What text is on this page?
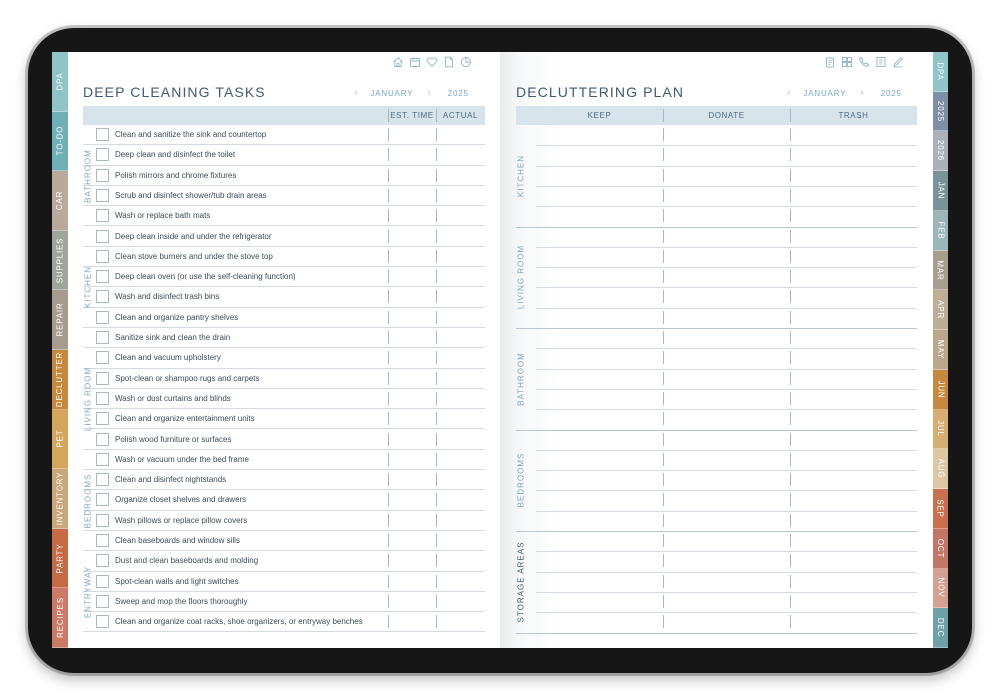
DPA
TO-DO
CAR
SUPPLIES
REPAIR
DECLUTTER
PET
INVENTORY
PARTY
RECIPES
DEEP CLEANING TASKS	‹ JANUARY › 2025
EST. TIME	ACTUAL
Clean and sanitize the sink and countertop
Deep clean and disinfect the toilet
Polish mirrors and chrome fixtures
Scrub and disinfect shower/tub drain areas
Wash or replace bath mats
BATHROOM
Deep clean inside and under the refrigerator
Clean stove burners and under the stove top
Deep clean oven (or use the self-cleaning function)
Wash and disinfect trash bins
Clean and organize pantry shelves
Sanitize sink and clean the drain
KITCHEN
Clean and vacuum upholstery
Spot-clean or shampoo rugs and carpets
Wash or dust curtains and blinds
Clean and organize entertainment units
Polish wood furniture or surfaces
LIVING ROOM
Wash or vacuum under the bed frame
Clean and disinfect nightstands
Organize closet shelves and drawers
Wash pillows or replace pillow covers
Clean baseboards and window sills
BEDROOMS
Dust and clean baseboards and molding
Spot-clean walls and light switches
Sweep and mop the floors thoroughly
Clean and organize coat racks, shoe organizers, or entryway benches
ENTRYWAY
DECLUTTERING PLAN	‹ JANUARY › 2025
KEEP	DONATE	TRASH
KITCHEN
LIVING ROOM
BATHROOM
BEDROOMS
STORAGE AREAS
DPA
2025
2026
JAN
FEB
MAR
APR
MAY
JUN
JUL
AUG
SEP
OCT
NOV
DEC
